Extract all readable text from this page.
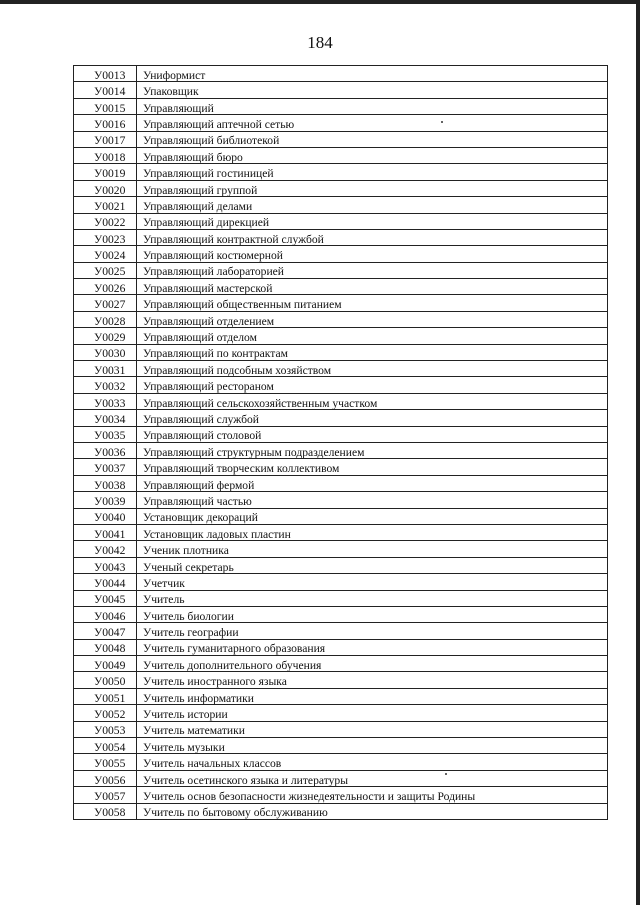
184
У0013	Униформист
У0014	Упаковщик
У0015	Управляющий
У0016	Управляющий аптечной сетью
У0017	Управляющий библиотекой
У0018	Управляющий бюро
У0019	Управляющий гостиницей
У0020	Управляющий группой
У0021	Управляющий делами
У0022	Управляющий дирекцией
У0023	Управляющий контрактной службой
У0024	Управляющий костюмерной
У0025	Управляющий лабораторией
У0026	Управляющий мастерской
У0027	Управляющий общественным питанием
У0028	Управляющий отделением
У0029	Управляющий отделом
У0030	Управляющий по контрактам
У0031	Управляющий подсобным хозяйством
У0032	Управляющий рестораном
У0033	Управляющий сельскохозяйственным участком
У0034	Управляющий службой
У0035	Управляющий столовой
У0036	Управляющий структурным подразделением
У0037	Управляющий творческим коллективом
У0038	Управляющий фермой
У0039	Управляющий частью
У0040	Установщик декораций
У0041	Установщик ладовых пластин
У0042	Ученик плотника
У0043	Ученый секретарь
У0044	Учетчик
У0045	Учитель
У0046	Учитель биологии
У0047	Учитель географии
У0048	Учитель гуманитарного образования
У0049	Учитель дополнительного обучения
У0050	Учитель иностранного языка
У0051	Учитель информатики
У0052	Учитель истории
У0053	Учитель математики
У0054	Учитель музыки
У0055	Учитель начальных классов
У0056	Учитель осетинского языка и литературы
У0057	Учитель основ безопасности жизнедеятельности и защиты Родины
У0058	Учитель по бытовому обслуживанию
